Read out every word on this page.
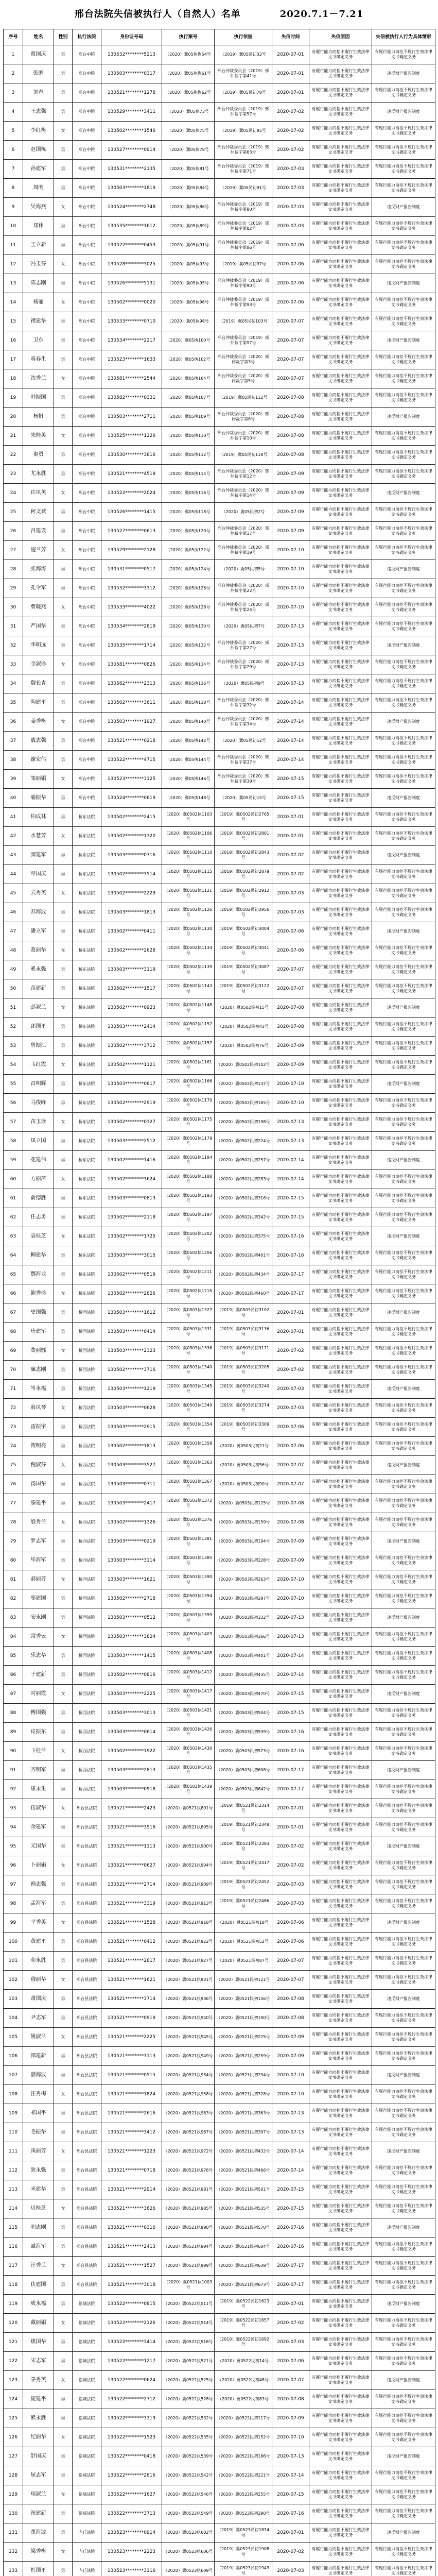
邢台法院失信被执行人（自然人）名单　　　　2020.7.1－7.21
序号	姓名	性别	执行法院	身份证号码	执行案号	执行依据	失信时间	失信原因	失信被执行人行为具体情形
1	蔡国庆	男	邢台中院	130532********5213	（2020）冀05执恢54号	（2019）冀05民初32号	2020-07-01	有履行能力而拒不履行生效法律文书确定义务	有履行能力而拒不履行生效法律文书确定义务
2	张鹏	男	邢台中院	130503********0317	（2020）冀05执恢61号	邢台仲裁委员会（2019）邢仲裁字第41号	2020-07-01	有履行能力而拒不履行生效法律文书确定义务	违反财产报告制度
3	刘春	男	邢台中院	130521********1278	（2020）冀05执恢62号	（2019）冀05民初78号	2020-07-01	有履行能力而拒不履行生效法律文书确定义务	有履行能力而拒不履行生效法律文书确定义务
4	王志强	男	邢台中院	130529********3411	（2020）冀05执73号	邢台仲裁委员会（2019）邢仲裁字第57号	2020-07-02	有履行能力而拒不履行生效法律文书确定义务	违反财产报告制度
5	李红梅	女	邢台中院	130502********1546	（2020）冀05执75号	（2019）冀05民初85号	2020-07-02	有履行能力而拒不履行生效法律文书确定义务	有履行能力而拒不履行生效法律文书确定义务
6	赵国栋	男	邢台中院	130527********0914	（2020）冀05执78号	邢台仲裁委员会（2019）邢仲裁字第63号	2020-07-02	有履行能力而拒不履行生效法律文书确定义务	有履行能力而拒不履行生效法律文书确定义务
7	孙建军	男	邢台中院	130531********2135	（2020）冀05执81号	邢台仲裁委员会（2019）邢仲裁字第71号	2020-07-03	有履行能力而拒不履行生效法律文书确定义务	有履行能力而拒不履行生效法律文书确定义务
8	周明	男	邢台中院	130503********1819	（2020）冀05执84号	（2019）冀05民初91号	2020-07-03	有履行能力而拒不履行生效法律文书确定义务	有履行能力而拒不履行生效法律文书确定义务
9	吴海燕	女	邢台中院	130524********2748	（2020）冀05执86号	邢台仲裁委员会（2019）邢仲裁字第80号	2020-07-03	有履行能力而拒不履行生效法律文书确定义务	违反财产报告制度
10	郑伟	男	邢台中院	130535********1612	（2020）冀05执89号	邢台仲裁委员会（2019）邢仲裁字第82号	2020-07-03	有履行能力而拒不履行生效法律文书确定义务	有履行能力而拒不履行生效法律文书确定义务
11	王立新	男	邢台中院	130522********0453	（2020）冀05执91号	邢台仲裁委员会（2019）邢仲裁字第86号	2020-07-06	有履行能力而拒不履行生效法律文书确定义务	有履行能力而拒不履行生效法律文书确定义务
12	冯玉芬	女	邢台中院	130528********3025	（2020）冀05执93号	（2019）冀05民初97号	2020-07-06	有履行能力而拒不履行生效法律文书确定义务	有履行能力而拒不履行生效法律文书确定义务
13	陈志刚	男	邢台中院	130526********5131	（2020）冀05执95号	邢台仲裁委员会（2019）邢仲裁字第90号	2020-07-06	有履行能力而拒不履行生效法律文书确定义务	违反财产报告制度
14	杨丽	女	邢台中院	130502********0020	（2020）冀05执96号	邢台仲裁委员会（2019）邢仲裁字第93号	2020-07-06	有履行能力而拒不履行生效法律文书确定义务	有履行能力而拒不履行生效法律文书确定义务
15	褚建华	男	邢台中院	130533********0710	（2020）冀05执98号	（2019）冀05民初103号	2020-07-07	有履行能力而拒不履行生效法律文书确定义务	有履行能力而拒不履行生效法律文书确定义务
16	卫东	男	邢台中院	130534********2217	（2020）冀05执100号	邢台仲裁委员会（2019）邢仲裁字第97号	2020-07-07	有履行能力而拒不履行生效法律文书确定义务	违反财产报告制度
17	蒋春生	男	邢台中院	130523********1633	（2020）冀05执102号	邢台仲裁委员会（2020）邢仲裁字第3号	2020-07-07	有履行能力而拒不履行生效法律文书确定义务	有履行能力而拒不履行生效法律文书确定义务
18	沈秀兰	女	邢台中院	130581********2544	（2020）冀05执104号	邢台仲裁委员会（2020）邢仲裁字第5号	2020-07-07	有履行能力而拒不履行生效法律文书确定义务	有履行能力而拒不履行生效法律文书确定义务
19	韩振国	男	邢台中院	130582********0331	（2020）冀05执107号	（2019）冀05民初112号	2020-07-08	有履行能力而拒不履行生效法律文书确定义务	有履行能力而拒不履行生效法律文书确定义务
20	杨帆	男	邢台中院	130503********2711	（2020）冀05执109号	邢台仲裁委员会（2020）邢仲裁字第8号	2020-07-08	有履行能力而拒不履行生效法律文书确定义务	违反财产报告制度
21	朱桂英	女	邢台中院	130525********1226	（2020）冀05执110号	邢台仲裁委员会（2020）邢仲裁字第10号	2020-07-08	有履行能力而拒不履行生效法律文书确定义务	有履行能力而拒不履行生效法律文书确定义务
22	秦勇	男	邢台中院	130530********3816	（2020）冀05执112号	（2019）冀05民初118号	2020-07-08	有履行能力而拒不履行生效法律文书确定义务	有履行能力而拒不履行生效法律文书确定义务
23	尤永胜	男	邢台中院	130521********4519	（2020）冀05执114号	邢台仲裁委员会（2020）邢仲裁字第12号	2020-07-09	有履行能力而拒不履行生效法律文书确定义务	有履行能力而拒不履行生效法律文书确定义务
24	许凤英	女	邢台中院	130522********2024	（2020）冀05执116号	邢台仲裁委员会（2020）邢仲裁字第14号	2020-07-09	有履行能力而拒不履行生效法律文书确定义务	违反财产报告制度
25	何文斌	男	邢台中院	130526********1415	（2020）冀05执118号	（2020）冀05民初2号	2020-07-09	有履行能力而拒不履行生效法律文书确定义务	有履行能力而拒不履行生效法律文书确定义务
26	吕建设	男	邢台中院	130527********0613	（2020）冀05执120号	邢台仲裁委员会（2020）邢仲裁字第17号	2020-07-09	有履行能力而拒不履行生效法律文书确定义务	有履行能力而拒不履行生效法律文书确定义务
27	施兰芳	女	邢台中院	130529********2128	（2020）冀05执122号	邢台仲裁委员会（2020）邢仲裁字第19号	2020-07-10	有履行能力而拒不履行生效法律文书确定义务	有履行能力而拒不履行生效法律文书确定义务
28	张海涛	男	邢台中院	130531********0517	（2020）冀05执124号	（2020）冀05民初5号	2020-07-10	有履行能力而拒不履行生效法律文书确定义务	违反财产报告制度
29	孔令军	男	邢台中院	130532********3312	（2020）冀05执126号	邢台仲裁委员会（2020）邢仲裁字第22号	2020-07-10	有履行能力而拒不履行生效法律文书确定义务	有履行能力而拒不履行生效法律文书确定义务
30	曹晓燕	女	邢台中院	130533********4022	（2020）冀05执128号	邢台仲裁委员会（2020）邢仲裁字第24号	2020-07-10	有履行能力而拒不履行生效法律文书确定义务	有履行能力而拒不履行生效法律文书确定义务
31	严国华	男	邢台中院	130534********2819	（2020）冀05执130号	（2020）冀05民初7号	2020-07-13	有履行能力而拒不履行生效法律文书确定义务	有履行能力而拒不履行生效法律文书确定义务
32	华明远	男	邢台中院	130535********1714	（2020）冀05执132号	邢台仲裁委员会（2020）邢仲裁字第27号	2020-07-13	有履行能力而拒不履行生效法律文书确定义务	违反财产报告制度
33	金淑珍	女	邢台中院	130581********0826	（2020）冀05执134号	邢台仲裁委员会（2020）邢仲裁字第29号	2020-07-13	有履行能力而拒不履行生效法律文书确定义务	有履行能力而拒不履行生效法律文书确定义务
34	魏长青	男	邢台中院	130582********2313	（2020）冀05执136号	（2020）冀05民初9号	2020-07-13	有履行能力而拒不履行生效法律文书确定义务	有履行能力而拒不履行生效法律文书确定义务
35	陶建平	男	邢台中院	130502********3611	（2020）冀05执138号	邢台仲裁委员会（2020）邢仲裁字第32号	2020-07-14	有履行能力而拒不履行生效法律文书确定义务	有履行能力而拒不履行生效法律文书确定义务
36	姜秀梅	女	邢台中院	130503********1927	（2020）冀05执140号	邢台仲裁委员会（2020）邢仲裁字第34号	2020-07-14	有履行能力而拒不履行生效法律文书确定义务	违反财产报告制度
37	戚志强	男	邢台中院	130521********0218	（2020）冀05执142号	（2020）冀05民初12号	2020-07-14	有履行能力而拒不履行生效法律文书确定义务	有履行能力而拒不履行生效法律文书确定义务
38	谢宏伟	男	邢台中院	130522********4715	（2020）冀05执144号	邢台仲裁委员会（2020）邢仲裁字第37号	2020-07-14	有履行能力而拒不履行生效法律文书确定义务	有履行能力而拒不履行生效法律文书确定义务
39	邹丽娟	女	邢台中院	130523********3125	（2020）冀05执146号	邢台仲裁委员会（2020）邢仲裁字第39号	2020-07-15	有履行能力而拒不履行生效法律文书确定义务	有履行能力而拒不履行生效法律文书确定义务
40	喻振华	男	邢台中院	130524********0619	（2020）冀05执148号	（2020）冀05民初15号	2020-07-15	有履行能力而拒不履行生效法律文书确定义务	违反财产报告制度
41	柏成林	男	桥东法院	130502********2415	（2020）冀0502执1103号	（2019）冀0502民初2765号	2020-07-01	有履行能力而拒不履行生效法律文书确定义务	有履行能力而拒不履行生效法律文书确定义务
42	水慧芳	女	桥东法院	130502********1320	（2020）冀0502执1106号	（2019）冀0502民初2801号	2020-07-01	有履行能力而拒不履行生效法律文书确定义务	有履行能力而拒不履行生效法律文书确定义务
43	窦建军	男	桥东法院	130503********0716	（2020）冀0502执1110号	（2019）冀0502民初2843号	2020-07-02	有履行能力而拒不履行生效法律文书确定义务	违反财产报告制度
44	章国庆	男	桥东法院	130502********3514	（2020）冀0502执1115号	（2019）冀0502民初2879号	2020-07-02	有履行能力而拒不履行生效法律文书确定义务	有履行能力而拒不履行生效法律文书确定义务
45	云秀英	女	桥东法院	130502********2229	（2020）冀0502执1121号	（2019）冀0502民初2912号	2020-07-03	有履行能力而拒不履行生效法律文书确定义务	有履行能力而拒不履行生效法律文书确定义务
46	苏海波	男	桥东法院	130503********1813	（2020）冀0502执1126号	（2019）冀0502民初2956号	2020-07-03	有履行能力而拒不履行生效法律文书确定义务	有履行能力而拒不履行生效法律文书确定义务
47	潘立军	男	桥东法院	130502********0411	（2020）冀0502执1130号	（2019）冀0502民初3004号	2020-07-06	有履行能力而拒不履行生效法律文书确定义务	违反财产报告制度
48	葛丽华	女	桥东法院	130502********2628	（2020）冀0502执1134号	（2019）冀0502民初3041号	2020-07-06	有履行能力而拒不履行生效法律文书确定义务	有履行能力而拒不履行生效法律文书确定义务
49	奚永强	男	桥东法院	130503********3119	（2020）冀0502执1139号	（2019）冀0502民初3087号	2020-07-07	有履行能力而拒不履行生效法律文书确定义务	有履行能力而拒不履行生效法律文书确定义务
50	范建新	男	桥东法院	130502********1517	（2020）冀0502执1143号	（2019）冀0502民初3122号	2020-07-07	有履行能力而拒不履行生效法律文书确定义务	有履行能力而拒不履行生效法律文书确定义务
51	彭淑兰	女	桥东法院	130502********0923	（2020）冀0502执1148号	（2020）冀0502民初15号	2020-07-08	有履行能力而拒不履行生效法律文书确定义务	违反财产报告制度
52	郎国平	男	桥东法院	130503********2414	（2020）冀0502执1152号	（2020）冀0502民初43号	2020-07-08	有履行能力而拒不履行生效法律文书确定义务	有履行能力而拒不履行生效法律文书确定义务
53	鲁振江	男	桥东法院	130502********3712	（2020）冀0502执1157号	（2020）冀0502民初76号	2020-07-09	有履行能力而拒不履行生效法律文书确定义务	有履行能力而拒不履行生效法律文书确定义务
54	韦红霞	女	桥东法院	130502********1121	（2020）冀0502执1161号	（2020）冀0502民初102号	2020-07-09	有履行能力而拒不履行生效法律文书确定义务	有履行能力而拒不履行生效法律文书确定义务
55	昌明辉	男	桥东法院	130503********0617	（2020）冀0502执1166号	（2020）冀0502民初137号	2020-07-10	有履行能力而拒不履行生效法律文书确定义务	违反财产报告制度
56	马俊峰	男	桥东法院	130502********2919	（2020）冀0502执1170号	（2020）冀0502民初165号	2020-07-10	有履行能力而拒不履行生效法律文书确定义务	有履行能力而拒不履行生效法律文书确定义务
57	苗玉珍	女	桥东法院	130502********0327	（2020）冀0502执1175号	（2020）冀0502民初198号	2020-07-13	有履行能力而拒不履行生效法律文书确定义务	有履行能力而拒不履行生效法律文书确定义务
58	凤立国	男	桥东法院	130503********2512	（2020）冀0502执1179号	（2020）冀0502民初224号	2020-07-13	有履行能力而拒不履行生效法律文书确定义务	有履行能力而拒不履行生效法律文书确定义务
59	花建伟	男	桥东法院	130502********1416	（2020）冀0502执1184号	（2020）冀0502民初257号	2020-07-14	有履行能力而拒不履行生效法律文书确定义务	违反财产报告制度
60	方丽萍	女	桥东法院	130502********3624	（2020）冀0502执1188号	（2020）冀0502民初283号	2020-07-14	有履行能力而拒不履行生效法律文书确定义务	有履行能力而拒不履行生效法律文书确定义务
61	俞德胜	男	桥东法院	130503********0813	（2020）冀0502执1193号	（2020）冀0502民初316号	2020-07-15	有履行能力而拒不履行生效法律文书确定义务	有履行能力而拒不履行生效法律文书确定义务
62	任志勇	男	桥东法院	130502********2118	（2020）冀0502执1197号	（2020）冀0502民初342号	2020-07-15	有履行能力而拒不履行生效法律文书确定义务	有履行能力而拒不履行生效法律文书确定义务
63	袁桂芝	女	桥东法院	130502********1725	（2020）冀0502执1202号	（2020）冀0502民初375号	2020-07-16	有履行能力而拒不履行生效法律文书确定义务	违反财产报告制度
64	柳建华	男	桥东法院	130503********3015	（2020）冀0502执1206号	（2020）冀0502民初401号	2020-07-16	有履行能力而拒不履行生效法律文书确定义务	有履行能力而拒不履行生效法律文书确定义务
65	酆海龙	男	桥东法院	130502********0519	（2020）冀0502执1211号	（2020）冀0502民初434号	2020-07-17	有履行能力而拒不履行生效法律文书确定义务	有履行能力而拒不履行生效法律文书确定义务
66	鲍秀珍	女	桥东法院	130502********2826	（2020）冀0502执1215号	（2020）冀0502民初460号	2020-07-17	有履行能力而拒不履行生效法律文书确定义务	有履行能力而拒不履行生效法律文书确定义务
67	史国强	男	桥西法院	130503********1612	（2020）冀0503执1327号	（2019）冀0503民初3102号	2020-07-01	有履行能力而拒不履行生效法律文书确定义务	违反财产报告制度
68	唐建军	男	桥西法院	130503********0414	（2020）冀0503执1331号	（2019）冀0503民初3136号	2020-07-01	有履行能力而拒不履行生效法律文书确定义务	有履行能力而拒不履行生效法律文书确定义务
69	费丽娜	女	桥西法院	130503********2323	（2020）冀0503执1336号	（2019）冀0503民初3171号	2020-07-02	有履行能力而拒不履行生效法律文书确定义务	有履行能力而拒不履行生效法律文书确定义务
70	廉志刚	男	桥西法院	130502********3716	（2020）冀0503执1340号	（2019）冀0503民初3205号	2020-07-02	有履行能力而拒不履行生效法律文书确定义务	有履行能力而拒不履行生效法律文书确定义务
71	岑永福	男	桥西法院	130503********1219	（2020）冀0503执1345号	（2019）冀0503民初3240号	2020-07-03	有履行能力而拒不履行生效法律文书确定义务	违反财产报告制度
72	薛凤琴	女	桥西法院	130503********0628	（2020）冀0503执1349号	（2019）冀0503民初3274号	2020-07-03	有履行能力而拒不履行生效法律文书确定义务	有履行能力而拒不履行生效法律文书确定义务
73	雷振宇	男	桥西法院	130503********2915	（2020）冀0503执1354号	（2019）冀0503民初3309号	2020-07-06	有履行能力而拒不履行生效法律文书确定义务	有履行能力而拒不履行生效法律文书确定义务
74	贺明亮	男	桥西法院	130502********1813	（2020）冀0503执1358号	（2020）冀0503民初21号	2020-07-06	有履行能力而拒不履行生效法律文书确定义务	有履行能力而拒不履行生效法律文书确定义务
75	倪淑芬	女	桥西法院	130503********3527	（2020）冀0503执1363号	（2020）冀0503民初56号	2020-07-07	有履行能力而拒不履行生效法律文书确定义务	违反财产报告制度
76	汤国华	男	桥西法院	130503********0711	（2020）冀0503执1367号	（2020）冀0503民初90号	2020-07-07	有履行能力而拒不履行生效法律文书确定义务	有履行能力而拒不履行生效法律文书确定义务
77	滕建平	男	桥西法院	130503********2417	（2020）冀0503执1372号	（2020）冀0503民初125号	2020-07-08	有履行能力而拒不履行生效法律文书确定义务	有履行能力而拒不履行生效法律文书确定义务
78	殷秀兰	女	桥西法院	130502********1326	（2020）冀0503执1376号	（2020）冀0503民初159号	2020-07-08	有履行能力而拒不履行生效法律文书确定义务	有履行能力而拒不履行生效法律文书确定义务
79	罗志军	男	桥西法院	130503********0219	（2020）冀0503执1381号	（2020）冀0503民初194号	2020-07-09	有履行能力而拒不履行生效法律文书确定义务	违反财产报告制度
80	毕海军	男	桥西法院	130503********3114	（2020）冀0503执1385号	（2020）冀0503民初228号	2020-07-09	有履行能力而拒不履行生效法律文书确定义务	有履行能力而拒不履行生效法律文书确定义务
81	郝丽芳	女	桥西法院	130503********1621	（2020）冀0503执1390号	（2020）冀0503民初263号	2020-07-10	有履行能力而拒不履行生效法律文书确定义务	有履行能力而拒不履行生效法律文书确定义务
82	邬建国	男	桥西法院	130502********2718	（2020）冀0503执1394号	（2020）冀0503民初297号	2020-07-10	有履行能力而拒不履行生效法律文书确定义务	有履行能力而拒不履行生效法律文书确定义务
83	安永刚	男	桥西法院	130503********0512	（2020）冀0503执1399号	（2020）冀0503民初332号	2020-07-13	有履行能力而拒不履行生效法律文书确定义务	违反财产报告制度
84	常秀云	女	桥西法院	130503********3824	（2020）冀0503执1403号	（2020）冀0503民初366号	2020-07-13	有履行能力而拒不履行生效法律文书确定义务	有履行能力而拒不履行生效法律文书确定义务
85	乐志华	男	桥西法院	130503********1415	（2020）冀0503执1408号	（2020）冀0503民初401号	2020-07-14	有履行能力而拒不履行生效法律文书确定义务	有履行能力而拒不履行生效法律文书确定义务
86	于建新	男	桥西法院	130502********0816	（2020）冀0503执1412号	（2020）冀0503民初435号	2020-07-14	有履行能力而拒不履行生效法律文书确定义务	有履行能力而拒不履行生效法律文书确定义务
87	时丽霞	女	桥西法院	130503********2225	（2020）冀0503执1417号	（2020）冀0503民初470号	2020-07-15	有履行能力而拒不履行生效法律文书确定义务	违反财产报告制度
88	傅国强	男	桥西法院	130503********3013	（2020）冀0503执1421号	（2020）冀0503民初504号	2020-07-15	有履行能力而拒不履行生效法律文书确定义务	有履行能力而拒不履行生效法律文书确定义务
89	皮振东	男	桥西法院	130503********0614	（2020）冀0503执1426号	（2020）冀0503民初539号	2020-07-16	有履行能力而拒不履行生效法律文书确定义务	有履行能力而拒不履行生效法律文书确定义务
90	卞桂兰	女	桥西法院	130502********1922	（2020）冀0503执1430号	（2020）冀0503民初573号	2020-07-16	有履行能力而拒不履行生效法律文书确定义务	有履行能力而拒不履行生效法律文书确定义务
91	齐明军	男	桥西法院	130503********2813	（2020）冀0503执1435号	（2020）冀0503民初608号	2020-07-17	有履行能力而拒不履行生效法律文书确定义务	违反财产报告制度
92	康永生	男	桥西法院	130503********0918	（2020）冀0503执1439号	（2020）冀0503民初642号	2020-07-17	有履行能力而拒不履行生效法律文书确定义务	有履行能力而拒不履行生效法律文书确定义务
93	伍淑华	女	邢台县法院	130521********2423	（2020）冀0521执891号	（2019）冀0521民初2314号	2020-07-01	有履行能力而拒不履行生效法律文书确定义务	有履行能力而拒不履行生效法律文书确定义务
94	余建军	男	邢台县法院	130521********3516	（2020）冀0521执895号	（2019）冀0521民初2348号	2020-07-01	有履行能力而拒不履行生效法律文书确定义务	有履行能力而拒不履行生效法律文书确定义务
95	元国华	男	邢台县法院	130521********1113	（2020）冀0521执900号	（2019）冀0521民初2383号	2020-07-02	有履行能力而拒不履行生效法律文书确定义务	违反财产报告制度
96	卜丽娟	女	邢台县法院	130521********0627	（2020）冀0521执904号	（2019）冀0521民初2417号	2020-07-02	有履行能力而拒不履行生效法律文书确定义务	有履行能力而拒不履行生效法律文书确定义务
97	顾志强	男	邢台县法院	130521********2714	（2020）冀0521执909号	（2019）冀0521民初2452号	2020-07-03	有履行能力而拒不履行生效法律文书确定义务	有履行能力而拒不履行生效法律文书确定义务
98	孟海军	男	邢台县法院	130521********3319	（2020）冀0521执913号	（2019）冀0521民初2486号	2020-07-03	有履行能力而拒不履行生效法律文书确定义务	有履行能力而拒不履行生效法律文书确定义务
99	平秀英	女	邢台县法院	130521********1528	（2020）冀0521执918号	（2020）冀0521民初18号	2020-07-06	有履行能力而拒不履行生效法律文书确定义务	违反财产报告制度
100	黄建平	男	邢台县法院	130521********0412	（2020）冀0521执922号	（2020）冀0521民初52号	2020-07-06	有履行能力而拒不履行生效法律文书确定义务	有履行能力而拒不履行生效法律文书确定义务
101	和永胜	男	邢台县法院	130521********2817	（2020）冀0521执927号	（2020）冀0521民初87号	2020-07-07	有履行能力而拒不履行生效法律文书确定义务	有履行能力而拒不履行生效法律文书确定义务
102	穆丽华	女	邢台县法院	130521********1621	（2020）冀0521执931号	（2020）冀0521民初121号	2020-07-07	有履行能力而拒不履行生效法律文书确定义务	有履行能力而拒不履行生效法律文书确定义务
103	萧国庆	男	邢台县法院	130521********3714	（2020）冀0521执936号	（2020）冀0521民初156号	2020-07-08	有履行能力而拒不履行生效法律文书确定义务	违反财产报告制度
104	尹志军	男	邢台县法院	130521********0919	（2020）冀0521执940号	（2020）冀0521民初190号	2020-07-08	有履行能力而拒不履行生效法律文书确定义务	有履行能力而拒不履行生效法律文书确定义务
105	姚淑兰	女	邢台县法院	130521********2225	（2020）冀0521执945号	（2020）冀0521民初225号	2020-07-09	有履行能力而拒不履行生效法律文书确定义务	有履行能力而拒不履行生效法律文书确定义务
106	邵建新	男	邢台县法院	130521********3113	（2020）冀0521执949号	（2020）冀0521民初259号	2020-07-09	有履行能力而拒不履行生效法律文书确定义务	有履行能力而拒不履行生效法律文书确定义务
107	湛海波	男	邢台县法院	130521********0515	（2020）冀0521执954号	（2020）冀0521民初294号	2020-07-10	有履行能力而拒不履行生效法律文书确定义务	违反财产报告制度
108	汪秀梅	女	邢台县法院	130521********1824	（2020）冀0521执958号	（2020）冀0521民初328号	2020-07-10	有履行能力而拒不履行生效法律文书确定义务	有履行能力而拒不履行生效法律文书确定义务
109	祁国平	男	邢台县法院	130521********2616	（2020）冀0521执963号	（2020）冀0521民初363号	2020-07-13	有履行能力而拒不履行生效法律文书确定义务	有履行能力而拒不履行生效法律文书确定义务
110	毛振华	男	邢台县法院	130521********3412	（2020）冀0521执967号	（2020）冀0521民初397号	2020-07-13	有履行能力而拒不履行生效法律文书确定义务	有履行能力而拒不履行生效法律文书确定义务
111	禹丽芳	女	邢台县法院	130521********1223	（2020）冀0521执972号	（2020）冀0521民初432号	2020-07-14	有履行能力而拒不履行生效法律文书确定义务	违反财产报告制度
112	狄永强	男	邢台县法院	130521********0718	（2020）冀0521执976号	（2020）冀0521民初466号	2020-07-14	有履行能力而拒不履行生效法律文书确定义务	有履行能力而拒不履行生效法律文书确定义务
113	米建华	男	邢台县法院	130521********2914	（2020）冀0521执981号	（2020）冀0521民初501号	2020-07-15	有履行能力而拒不履行生效法律文书确定义务	有履行能力而拒不履行生效法律文书确定义务
114	贝桂芝	女	邢台县法院	130521********3626	（2020）冀0521执985号	（2020）冀0521民初535号	2020-07-15	有履行能力而拒不履行生效法律文书确定义务	有履行能力而拒不履行生效法律文书确定义务
115	明志刚	男	邢台县法院	130521********0316	（2020）冀0521执990号	（2020）冀0521民初570号	2020-07-16	有履行能力而拒不履行生效法律文书确定义务	违反财产报告制度
116	臧海军	男	邢台县法院	130521********2413	（2020）冀0521执994号	（2020）冀0521民初604号	2020-07-16	有履行能力而拒不履行生效法律文书确定义务	有履行能力而拒不履行生效法律文书确定义务
117	计秀兰	女	邢台县法院	130521********1527	（2020）冀0521执999号	（2020）冀0521民初639号	2020-07-17	有履行能力而拒不履行生效法律文书确定义务	有履行能力而拒不履行生效法律文书确定义务
118	伏建国	男	邢台县法院	130521********3018	（2020）冀0521执1003号	（2020）冀0521民初673号	2020-07-17	有履行能力而拒不履行生效法律文书确定义务	有履行能力而拒不履行生效法律文书确定义务
119	成永福	男	临城法院	130522********0815	（2020）冀0522执511号	（2019）冀0522民初1623号	2020-07-01	有履行能力而拒不履行生效法律文书确定义务	违反财产报告制度
120	戴丽娟	女	临城法院	130522********2126	（2020）冀0522执514号	（2019）冀0522民初1657号	2020-07-02	有履行能力而拒不履行生效法律文书确定义务	有履行能力而拒不履行生效法律文书确定义务
121	谈国华	男	临城法院	130522********3414	（2020）冀0522执518号	（2019）冀0522民初1692号	2020-07-03	有履行能力而拒不履行生效法律文书确定义务	有履行能力而拒不履行生效法律文书确定义务
122	宋志军	男	临城法院	130522********1217	（2020）冀0522执521号	（2020）冀0522民初14号	2020-07-06	有履行能力而拒不履行生效法律文书确定义务	有履行能力而拒不履行生效法律文书确定义务
123	茅秀英	女	临城法院	130522********0624	（2020）冀0522执525号	（2020）冀0522民初48号	2020-07-07	有履行能力而拒不履行生效法律文书确定义务	违反财产报告制度
124	庞建平	男	临城法院	130522********2712	（2020）冀0522执528号	（2020）冀0522民初83号	2020-07-08	有履行能力而拒不履行生效法律文书确定义务	有履行能力而拒不履行生效法律文书确定义务
125	熊永胜	男	临城法院	130522********3319	（2020）冀0522执532号	（2020）冀0522民初117号	2020-07-09	有履行能力而拒不履行生效法律文书确定义务	有履行能力而拒不履行生效法律文书确定义务
126	纪丽华	女	临城法院	130522********1523	（2020）冀0522执535号	（2020）冀0522民初152号	2020-07-10	有履行能力而拒不履行生效法律文书确定义务	有履行能力而拒不履行生效法律文书确定义务
127	舒国庆	男	临城法院	130522********0418	（2020）冀0522执539号	（2020）冀0522民初186号	2020-07-13	有履行能力而拒不履行生效法律文书确定义务	违反财产报告制度
128	屈志军	男	临城法院	130522********2816	（2020）冀0522执542号	（2020）冀0522民初221号	2020-07-14	有履行能力而拒不履行生效法律文书确定义务	有履行能力而拒不履行生效法律文书确定义务
129	项淑兰	女	临城法院	130522********1627	（2020）冀0522执546号	（2020）冀0522民初255号	2020-07-15	有履行能力而拒不履行生效法律文书确定义务	有履行能力而拒不履行生效法律文书确定义务
130	祝建新	男	临城法院	130522********3713	（2020）冀0522执549号	（2020）冀0522民初290号	2020-07-16	有履行能力而拒不履行生效法律文书确定义务	有履行能力而拒不履行生效法律文书确定义务
131	董海波	男	内丘法院	130523********0914	（2020）冀0523执602号	（2019）冀0523民初1874号	2020-07-01	有履行能力而拒不履行生效法律文书确定义务	违反财产报告制度
132	梁秀梅	女	内丘法院	130523********2223	（2020）冀0523执606号	（2019）冀0523民初1908号	2020-07-02	有履行能力而拒不履行生效法律文书确定义务	有履行能力而拒不履行生效法律文书确定义务
133	杜国平	男	内丘法院	130523********3116	（2020）冀0523执609号	（2019）冀0523民初1943号	2020-07-03	有履行能力而拒不履行生效法律文书确定义务	有履行能力而拒不履行生效法律文书确定义务
